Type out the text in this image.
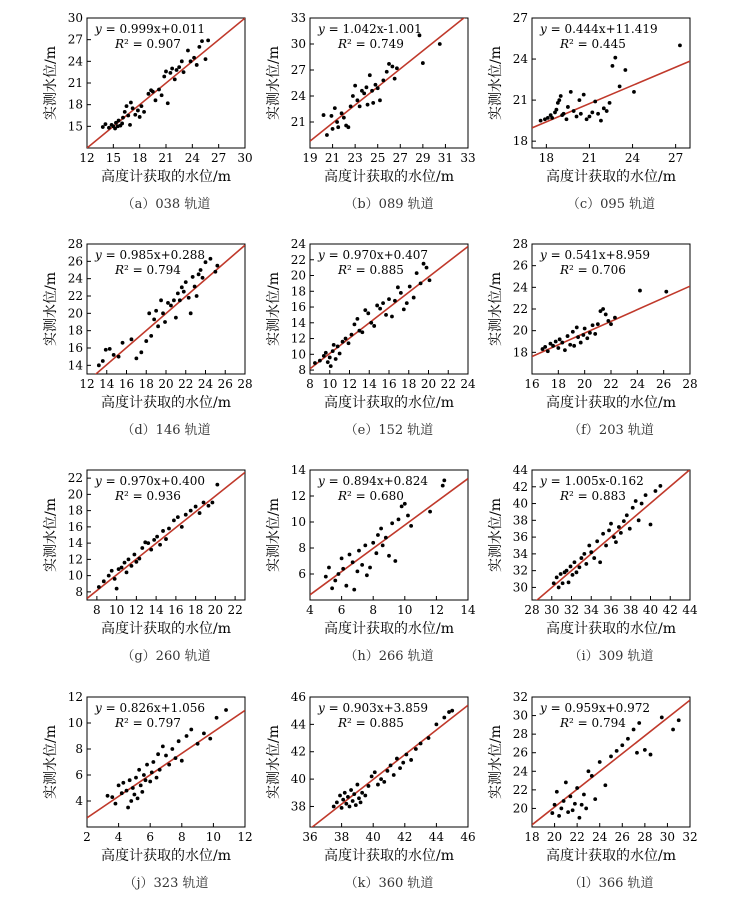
12 15 18 21 24 27 30
15
18
21
24
27
30
y = 0.999x+0.011
R² = 0.907
高度计获取的水位/m
实测水位/m
（a）038 轨道
19 21 23 25 27 29 31 33
21
24
27
30
33
y = 1.042x-1.001
R² = 0.749
高度计获取的水位/m
实测水位/m
（b）089 轨道
18 21 24 27
18
21
24
27
y = 0.444x+11.419
R² = 0.445
高度计获取的水位/m
实测水位/m
（c）095 轨道
12 14 16 18 20 22 24 26 28
14
16
18
20
22
24
26
28
y = 0.985x+0.288
R² = 0.794
高度计获取的水位/m
实测水位/m
（d）146 轨道
8 10 12 14 16 18 20 22 24
8
10
12
14
16
18
20
22
24
y = 0.970x+0.407
R² = 0.885
高度计获取的水位/m
实测水位/m
（e）152 轨道
16 18 20 22 24 26 28
18
20
22
24
26
28
y = 0.541x+8.959
R² = 0.706
高度计获取的水位/m
实测水位/m
（f）203 轨道
8 10 12 14 16 18 20 22
8
10
12
14
16
18
20
22 y = 0.970x+0.400
R² = 0.936
高度计获取的水位/m
实测水位/m
（g）260 轨道
4 6 8 10 12 14
6
8
10
12
14
y = 0.894x+0.824
R² = 0.680
高度计获取的水位/m
实测水位/m
（h）266 轨道
28 30 32 34 36 38 40 42 44
30
32
34
36
38
40
42
44
y = 1.005x-0.162
R² = 0.883
高度计获取的水位/m
实测水位/m
（i）309 轨道
2 4 6 8 10 12
4
6
8
10
12
y = 0.826x+1.056
R² = 0.797
高度计获取的水位/m
实测水位/m
（j）323 轨道
36 38 40 42 44 46
38
40
42
44
46
y = 0.903x+3.859
R² = 0.885
高度计获取的水位/m
实测水位/m
（k）360 轨道
18 20 22 24 26 28 30 32
20
22
24
26
28
30
32
y = 0.959x+0.972
R² = 0.794
高度计获取的水位/m
实测水位/m
（l）366 轨道
